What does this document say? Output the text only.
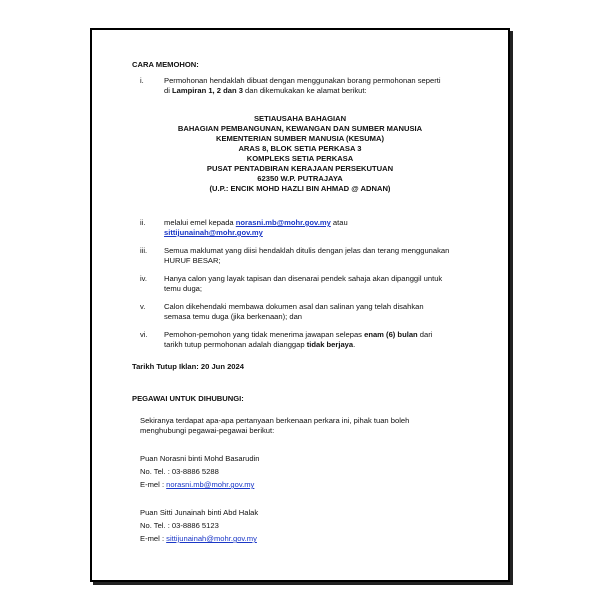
CARA MEMOHON:
i.	Permohonan hendaklah dibuat dengan menggunakan borang permohonan seperti
di Lampiran 1, 2 dan 3 dan dikemukakan ke alamat berikut:
SETIAUSAHA BAHAGIAN
BAHAGIAN PEMBANGUNAN, KEWANGAN DAN SUMBER MANUSIA
KEMENTERIAN SUMBER MANUSIA (KESUMA)
ARAS 8, BLOK SETIA PERKASA 3
KOMPLEKS SETIA PERKASA
PUSAT PENTADBIRAN KERAJAAN PERSEKUTUAN
62350 W.P. PUTRAJAYA
(U.P.: ENCIK MOHD HAZLI BIN AHMAD @ ADNAN)
ii. melalui emel kepada norasni.mb@mohr.gov.my atau
sittijunainah@mohr.gov.my
iii. Semua maklumat yang diisi hendaklah ditulis dengan jelas dan terang menggunakan
HURUF BESAR;
iv. Hanya calon yang layak tapisan dan disenarai pendek sahaja akan dipanggil untuk
temu duga;
v. Calon dikehendaki membawa dokumen asal dan salinan yang telah disahkan
semasa temu duga (jika berkenaan); dan
vi. Pemohon-pemohon yang tidak menerima jawapan selepas enam (6) bulan dari
tarikh tutup permohonan adalah dianggap tidak berjaya.
Tarikh Tutup Iklan: 20 Jun 2024
PEGAWAI UNTUK DIHUBUNGI:
Sekiranya terdapat apa-apa pertanyaan berkenaan perkara ini, pihak tuan boleh
menghubungi pegawai-pegawai berikut:
Puan Norasni binti Mohd Basarudin
No. Tel. : 03-8886 5288
E-mel : norasni.mb@mohr.gov.my
Puan Sitti Junainah binti Abd Halak
No. Tel. : 03-8886 5123
E-mel : sittijunainah@mohr.gov.my
